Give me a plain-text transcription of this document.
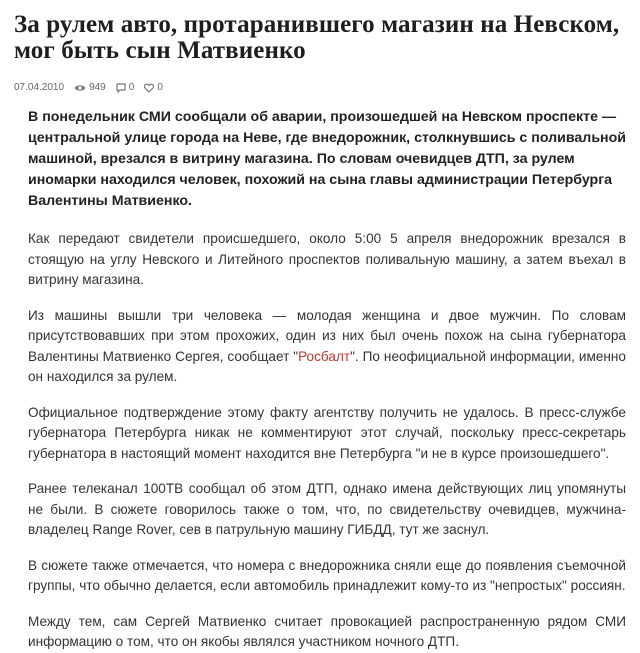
За рулем авто, протаранившего магазин на Невском, мог быть сын Матвиенко
07.04.2010	949 0 0

В понедельник СМИ сообщали об аварии, произошедшей на Невском проспекте — центральной улице города на Неве, где внедорожник, столкнувшись с поливальной машиной, врезался в витрину магазина. По словам очевидцев ДТП, за рулем иномарки находился человек, похожий на сына главы администрации Петербурга Валентины Матвиенко.

Как передают свидетели происшедшего, около 5:00 5 апреля внедорожник врезался в стоящую на углу Невского и Литейного проспектов поливальную машину, а затем въехал в витрину магазина.

Из машины вышли три человека — молодая женщина и двое мужчин. По словам присутствовавших при этом прохожих, один из них был очень похож на сына губернатора Валентины Матвиенко Сергея, сообщает "Росбалт". По неофициальной информации, именно он находился за рулем.

Официальное подтверждение этому факту агентству получить не удалось. В пресс-службе губернатора Петербурга никак не комментируют этот случай, поскольку пресс-секретарь губернатора в настоящий момент находится вне Петербурга "и не в курсе произошедшего".

Ранее телеканал 100ТВ сообщал об этом ДТП, однако имена действующих лиц упомянуты не были. В сюжете говорилось также о том, что, по свидетельству очевидцев, мужчина-владелец Range Rover, сев в патрульную машину ГИБДД, тут же заснул.

В сюжете также отмечается, что номера с внедорожника сняли еще до появления съемочной группы, что обычно делается, если автомобиль принадлежит кому-то из "непростых" россиян.

Между тем, сам Сергей Матвиенко считает провокацией распространенную рядом СМИ информацию о том, что он якобы являлся участником ночного ДТП.
